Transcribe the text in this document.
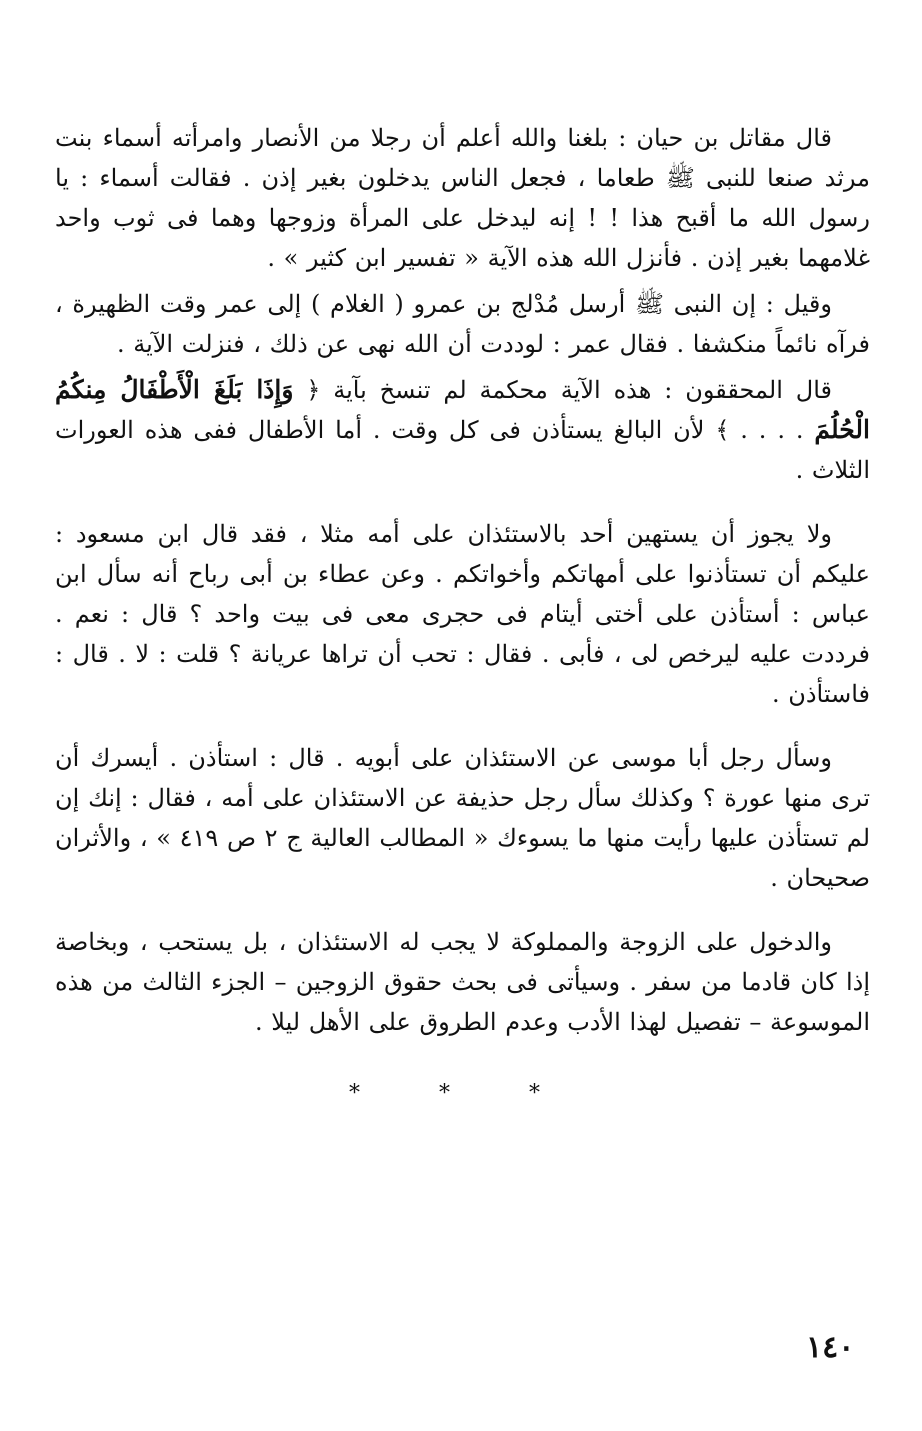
قال مقاتل بن حيان : بلغنا والله أعلم أن رجلا من الأنصار وامرأته أسماء بنت مرثد صنعا للنبى ﷺ طعاما ، فجعل الناس يدخلون بغير إذن . فقالت أسماء : يا رسول الله ما أقبح هذا ! ! إنه ليدخل على المرأة وزوجها وهما فى ثوب واحد غلامهما بغير إذن . فأنزل الله هذه الآية « تفسير ابن كثير » .

وقيل : إن النبى ﷺ أرسل مُدْلج بن عمرو ( الغلام ) إلى عمر وقت الظهيرة ، فرآه نائماً منكشفا . فقال عمر : لوددت أن الله نهى عن ذلك ، فنزلت الآية .

قال المحققون : هذه الآية محكمة لم تنسخ بآية ﴿ وَإِذَا بَلَغَ الْأَطْفَالُ مِنكُمُ الْحُلُمَ . . . . ﴾ لأن البالغ يستأذن فى كل وقت . أما الأطفال ففى هذه العورات الثلاث .

ولا يجوز أن يستهين أحد بالاستئذان على أمه مثلا ، فقد قال ابن مسعود : عليكم أن تستأذنوا على أمهاتكم وأخواتكم . وعن عطاء بن أبى رباح أنه سأل ابن عباس : أستأذن على أختى أيتام فى حجرى معى فى بيت واحد ؟ قال : نعم . فرددت عليه ليرخص لى ، فأبى . فقال : تحب أن تراها عريانة ؟ قلت : لا . قال : فاستأذن .

وسأل رجل أبا موسى عن الاستئذان على أبويه . قال : استأذن . أيسرك أن ترى منها عورة ؟ وكذلك سأل رجل حذيفة عن الاستئذان على أمه ، فقال : إنك إن لم تستأذن عليها رأيت منها ما يسوءك « المطالب العالية ج ٢ ص ٤١٩ » ، والأثران صحيحان .

والدخول على الزوجة والمملوكة لا يجب له الاستئذان ، بل يستحب ، وبخاصة إذا كان قادما من سفر . وسيأتى فى بحث حقوق الزوجين – الجزء الثالث من هذه الموسوعة – تفصيل لهذا الأدب وعدم الطروق على الأهل ليلا .

* * *
١٤٠
